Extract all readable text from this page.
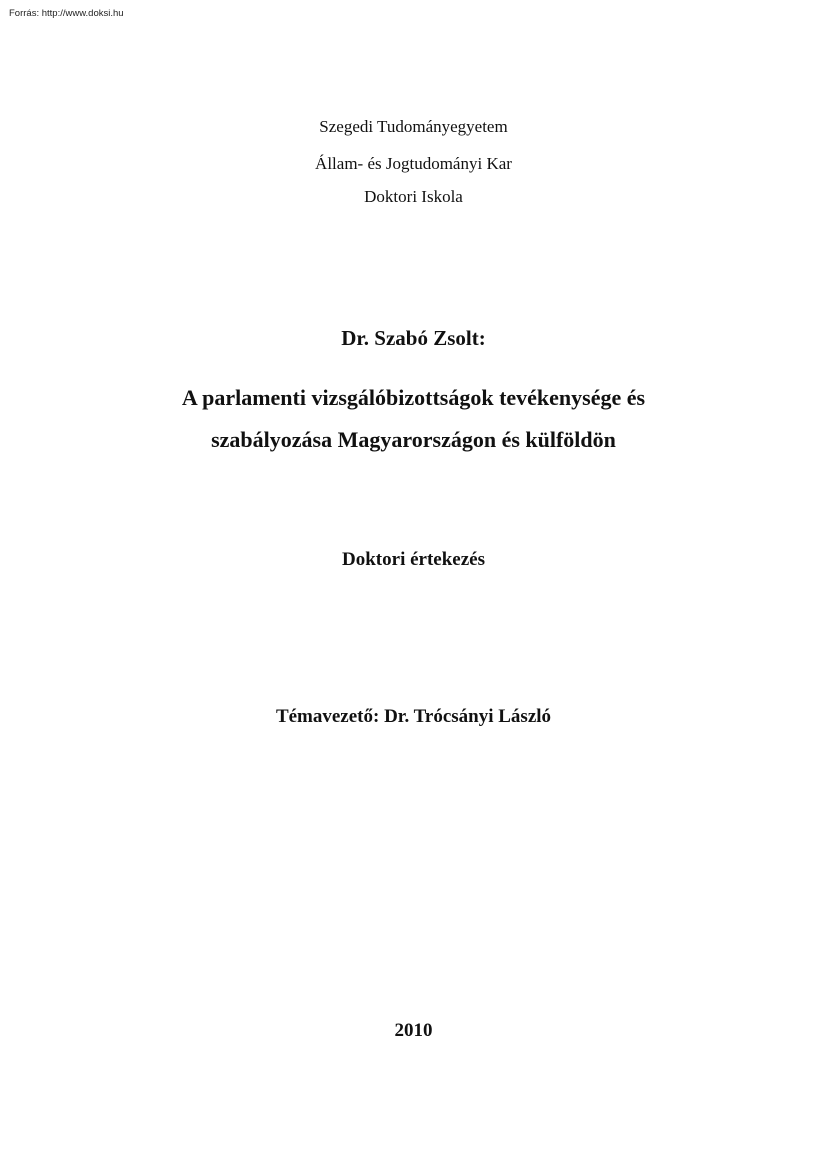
Forrás: http://www.doksi.hu
Szegedi Tudományegyetem
Állam- és Jogtudományi Kar
Doktori Iskola
Dr. Szabó Zsolt:
A parlamenti vizsgálóbizottságok tevékenysége és
szabályozása Magyarországon és külföldön
Doktori értekezés
Témavezető: Dr. Trócsányi László
2010
